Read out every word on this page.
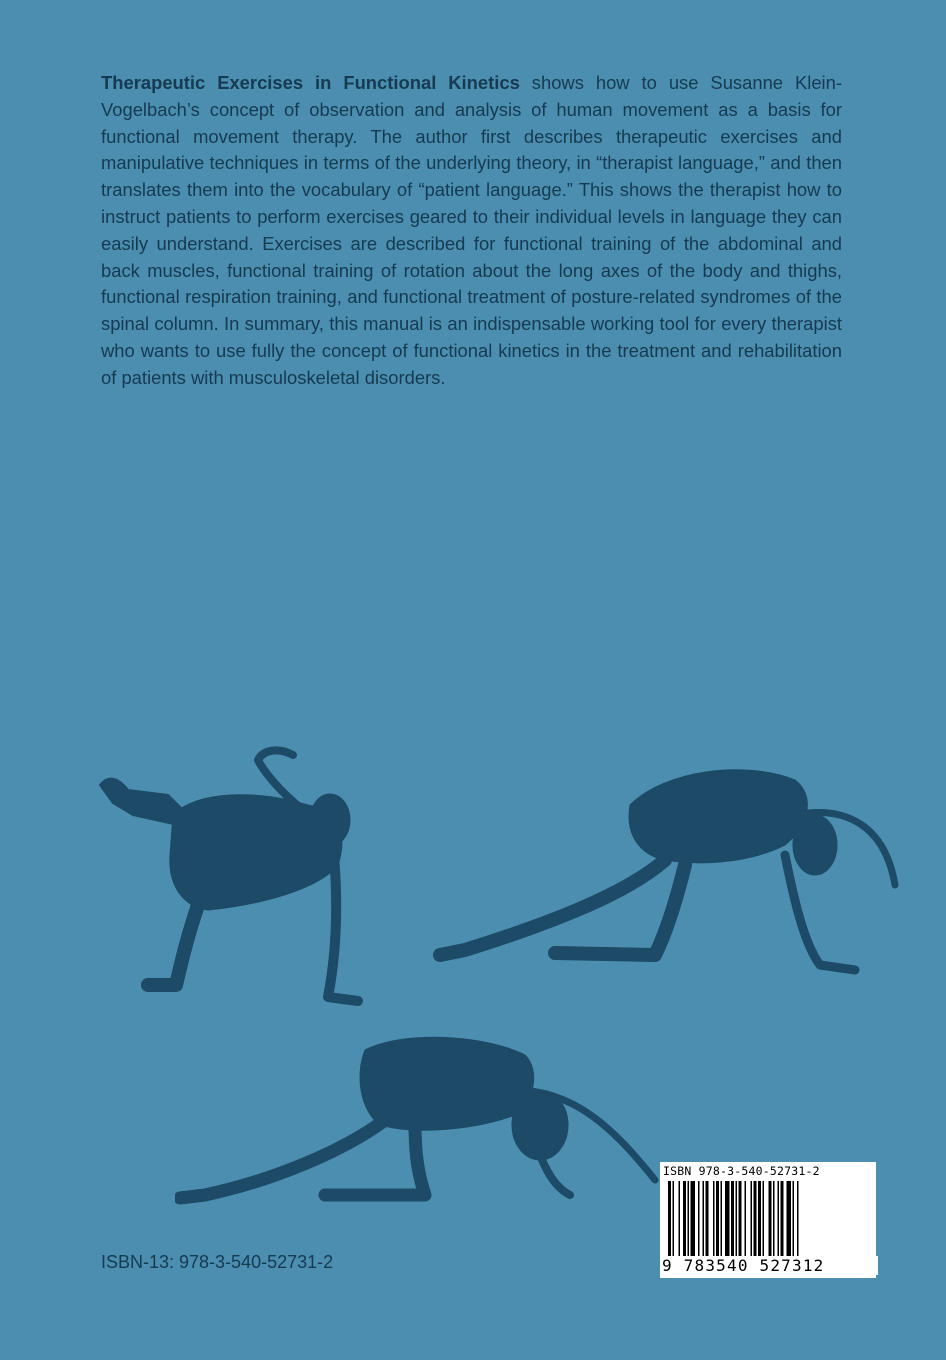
Therapeutic Exercises in Functional Kinetics shows how to use Susanne Klein-Vogelbach’s concept of observation and analysis of human movement as a basis for functional movement therapy. The author first describes therapeutic exercises and manipulative techniques in terms of the underlying theory, in “therapist language,” and then translates them into the vocabulary of “patient language.” This shows the therapist how to instruct patients to perform exercises geared to their individual levels in language they can easily understand. Exercises are described for functional training of the abdominal and back muscles, functional training of rotation about the long axes of the body and thighs, functional respiration training, and functional treatment of posture-related syndromes of the spinal column. In summary, this manual is an indispensable working tool for every therapist who wants to use fully the concept of functional kinetics in the treatment and rehabilitation of patients with musculoskeletal disorders.

ISBN-13: 978-3-540-52731-2
ISBN 978-3-540-52731-2
9 783540 527312
